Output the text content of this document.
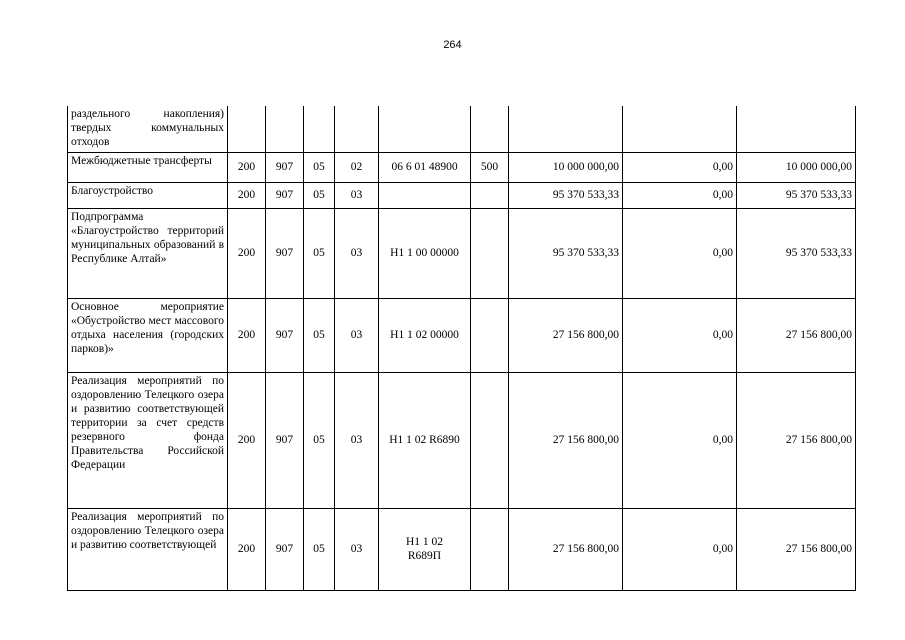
264
раздельного накопления) твердых коммунальных отходов									
Межбюджетные трансферты	200	907	05	02	06 6 01 48900	500	10 000 000,00	0,00	10 000 000,00
Благоустройство	200	907	05	03			95 370 533,33	0,00	95 370 533,33
Подпрограмма «Благоустройство территорий муниципальных образований в Республике Алтай»	200	907	05	03	Н1 1 00 00000		95 370 533,33	0,00	95 370 533,33
Основное мероприятие «Обустройство мест массового отдыха населения (городских парков)»	200	907	05	03	Н1 1 02 00000		27 156 800,00	0,00	27 156 800,00
Реализация мероприятий по оздоровлению Телецкого озера и развитию соответствующей территории за счет средств резервного фонда Правительства Российской Федерации	200	907	05	03	Н1 1 02 R6890		27 156 800,00	0,00	27 156 800,00
Реализация мероприятий по оздоровлению Телецкого озера и развитию соответствующей	200	907	05	03	Н1 1 02 R689П		27 156 800,00	0,00	27 156 800,00
